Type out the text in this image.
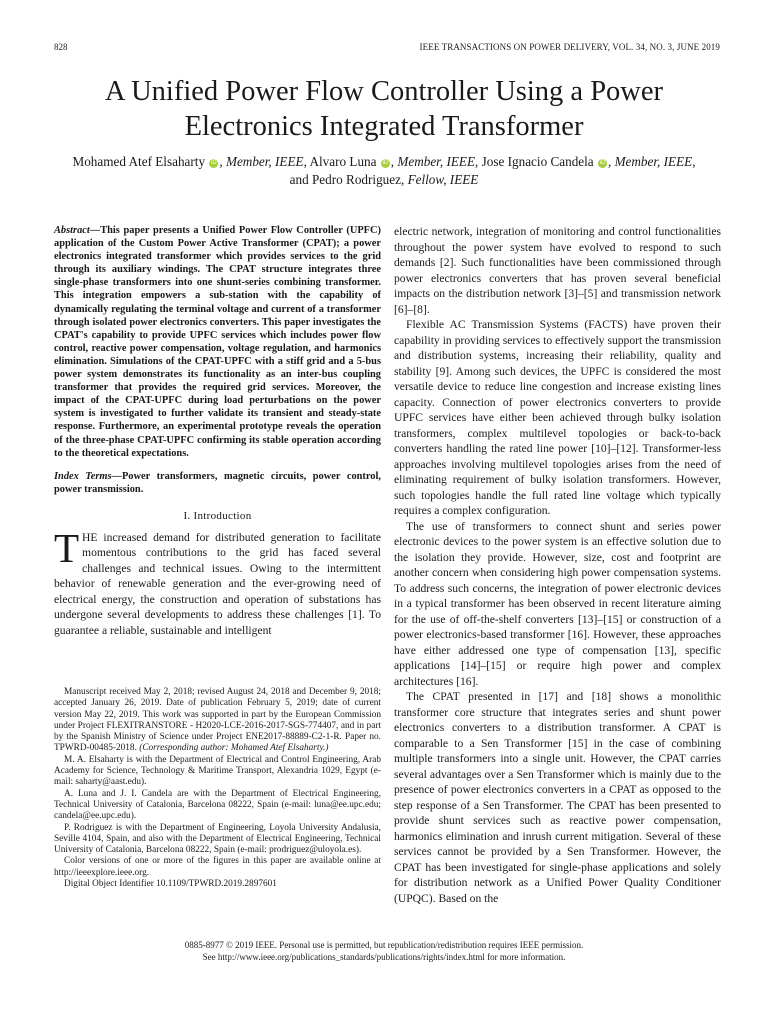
828	IEEE TRANSACTIONS ON POWER DELIVERY, VOL. 34, NO. 3, JUNE 2019
A Unified Power Flow Controller Using a Power
Electronics Integrated Transformer
Mohamed Atef Elsaharty iD , Member, IEEE, Alvaro Luna iD , Member, IEEE, Jose Ignacio Candela iD , Member, IEEE,
and Pedro Rodriguez, Fellow, IEEE

Abstract—This paper presents a Unified Power Flow Controller (UPFC) application of the Custom Power Active Transformer (CPAT); a power electronics integrated transformer which provides services to the grid through its auxiliary windings. The CPAT structure integrates three single-phase transformers into one shunt-series combining transformer. This integration empowers a sub-station with the capability of dynamically regulating the terminal voltage and current of a transformer through isolated power electronics converters. This paper investigates the CPAT's capability to provide UPFC services which includes power flow control, reactive power compensation, voltage regulation, and harmonics elimination. Simulations of the CPAT-UPFC with a stiff grid and a 5-bus power system demonstrates its functionality as an inter-bus coupling transformer that provides the required grid services. Moreover, the impact of the CPAT-UPFC during load perturbations on the power system is investigated to further validate its transient and steady-state response. Furthermore, an experimental prototype reveals the operation of the three-phase CPAT-UPFC confirming its stable operation according to the theoretical expectations.

Index Terms—Power transformers, magnetic circuits, power control, power transmission.

I. Introduction

THE increased demand for distributed generation to facilitate momentous contributions to the grid has faced several challenges and technical issues. Owing to the intermittent behavior of renewable generation and the ever-growing need of electrical energy, the construction and operation of substations has undergone several developments to address these challenges [1]. To guarantee a reliable, sustainable and intelligent

Manuscript received May 2, 2018; revised August 24, 2018 and December 9, 2018; accepted January 26, 2019. Date of publication February 5, 2019; date of current version May 22, 2019. This work was supported in part by the European Commission under Project FLEXITRANSTORE - H2020-LCE-2016-2017-SGS-774407, and in part by the Spanish Ministry of Science under Project ENE2017-88889-C2-1-R. Paper no. TPWRD-00485-2018. (Corresponding author: Mohamed Atef Elsaharty.)

M. A. Elsaharty is with the Department of Electrical and Control Engineering, Arab Academy for Science, Technology & Maritime Transport, Alexandria 1029, Egypt (e-mail: saharty@aast.edu).

A. Luna and J. I. Candela are with the Department of Electrical Engineering, Technical University of Catalonia, Barcelona 08222, Spain (e-mail: luna@ee.upc.edu; candela@ee.upc.edu).

P. Rodriguez is with the Department of Engineering, Loyola University Andalusia, Seville 4104, Spain, and also with the Department of Electrical Engineering, Technical University of Catalonia, Barcelona 08222, Spain (e-mail: prodriguez@uloyola.es).

Color versions of one or more of the figures in this paper are available online at http://ieeexplore.ieee.org.

Digital Object Identifier 10.1109/TPWRD.2019.2897601

electric network, integration of monitoring and control functionalities throughout the power system have evolved to respond to such demands [2]. Such functionalities have been commissioned through power electronics converters that has proven several beneficial impacts on the distribution network [3]–[5] and transmission network [6]–[8].

Flexible AC Transmission Systems (FACTS) have proven their capability in providing services to effectively support the transmission and distribution systems, increasing their reliability, quality and stability [9]. Among such devices, the UPFC is considered the most versatile device to reduce line congestion and increase existing lines capacity. Connection of power electronics converters to provide UPFC services have either been achieved through bulky isolation transformers, complex multilevel topologies or back-to-back converters handling the rated line power [10]–[12]. Transformer-less approaches involving multilevel topologies arises from the need of eliminating requirement of bulky isolation transformers. However, such topologies handle the full rated line voltage which typically requires a complex configuration.

The use of transformers to connect shunt and series power electronic devices to the power system is an effective solution due to the isolation they provide. However, size, cost and footprint are another concern when considering high power compensation systems. To address such concerns, the integration of power electronic devices in a typical transformer has been observed in recent literature aiming for the use of off-the-shelf converters [13]–[15] or construction of a power electronics-based transformer [16]. However, these approaches have either addressed one type of compensation [13], specific applications [14]–[15] or require high power and complex architectures [16].

The CPAT presented in [17] and [18] shows a monolithic transformer core structure that integrates series and shunt power electronics converters to a distribution transformer. A CPAT is comparable to a Sen Transformer [15] in the case of combining multiple transformers into a single unit. However, the CPAT carries several advantages over a Sen Transformer which is mainly due to the presence of power electronics converters in a CPAT as opposed to the step response of a Sen Transformer. The CPAT has been presented to provide shunt services such as reactive power compensation, harmonics elimination and inrush current mitigation. Several of these services cannot be provided by a Sen Transformer. However, the CPAT has been investigated for single-phase applications and solely for distribution network as a Unified Power Quality Conditioner (UPQC). Based on the

0885-8977 © 2019 IEEE. Personal use is permitted, but republication/redistribution requires IEEE permission.
See http://www.ieee.org/publications_standards/publications/rights/index.html for more information.
